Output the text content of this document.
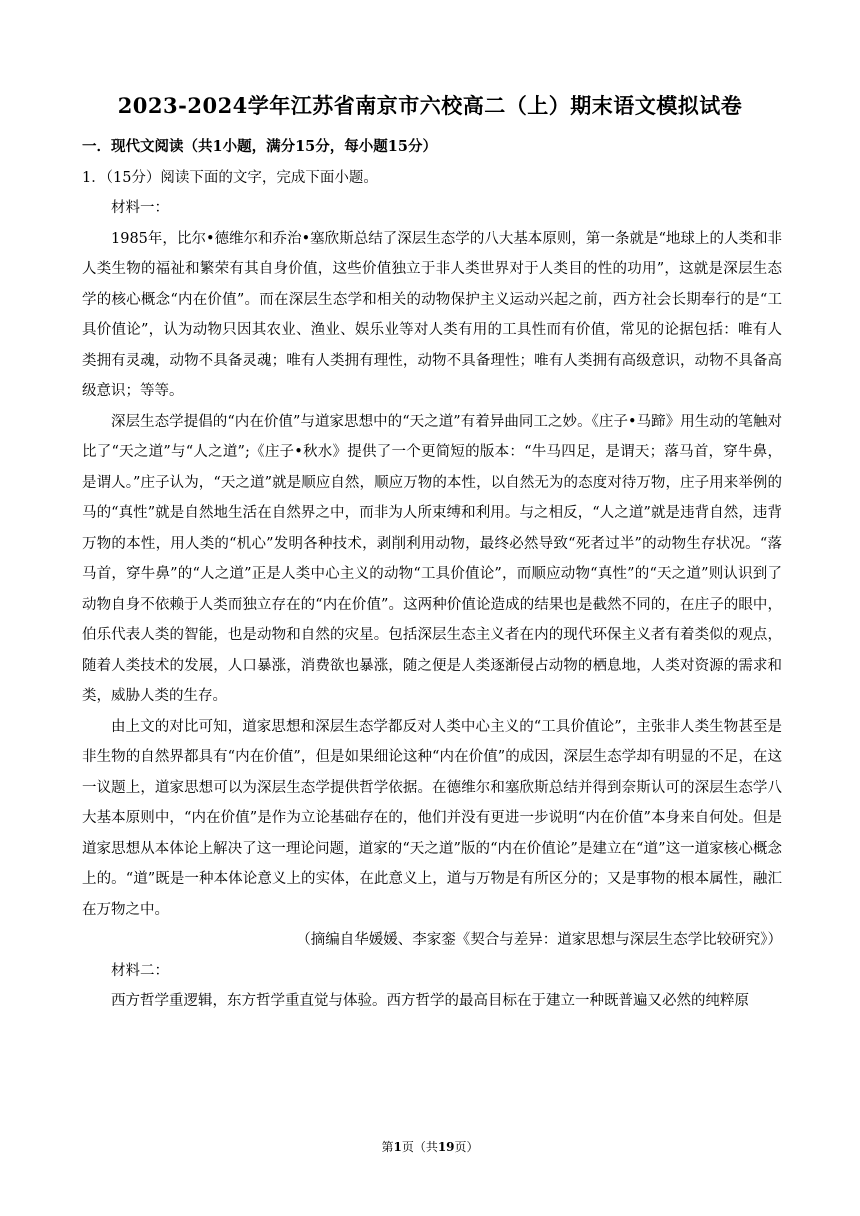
2023-2024学年江苏省南京市六校高二（上）期末语文模拟试卷

一．现代文阅读（共1小题，满分15分，每小题15分）

1．（15分）阅读下面的文字，完成下面小题。

材料一：

1985年，比尔•德维尔和乔治•塞欣斯总结了深层生态学的八大基本原则，第一条就是“地球上的人类和非人类生物的福祉和繁荣有其自身价值，这些价值独立于非人类世界对于人类目的性的功用”，这就是深层生态学的核心概念“内在价值”。而在深层生态学和相关的动物保护主义运动兴起之前，西方社会长期奉行的是“工具价值论”，认为动物只因其农业、渔业、娱乐业等对人类有用的工具性而有价值，常见的论据包括：唯有人类拥有灵魂，动物不具备灵魂；唯有人类拥有理性，动物不具备理性；唯有人类拥有高级意识，动物不具备高级意识；等等。

深层生态学提倡的“内在价值”与道家思想中的“天之道”有着异曲同工之妙。《庄子•马蹄》用生动的笔触对比了“天之道”与“人之道”;《庄子•秋水》提供了一个更简短的版本：“牛马四足，是谓天；落马首，穿牛鼻，是谓人。”庄子认为，“天之道”就是顺应自然，顺应万物的本性，以自然无为的态度对待万物，庄子用来举例的马的“真性”就是自然地生活在自然界之中，而非为人所束缚和利用。与之相反，“人之道”就是违背自然，违背万物的本性，用人类的“机心”发明各种技术，剥削利用动物，最终必然导致“死者过半”的动物生存状况。“落马首，穿牛鼻”的“人之道”正是人类中心主义的动物“工具价值论”，而顺应动物“真性”的“天之道”则认识到了动物自身不依赖于人类而独立存在的“内在价值”。这两种价值论造成的结果也是截然不同的，在庄子的眼中，伯乐代表人类的智能，也是动物和自然的灾星。包括深层生态主义者在内的现代环保主义者有着类似的观点，随着人类技术的发展，人口暴涨，消费欲也暴涨，随之便是人类逐渐侵占动物的栖息地，人类对资源的需求和类，威胁人类的生存。

由上文的对比可知，道家思想和深层生态学都反对人类中心主义的“工具价值论”，主张非人类生物甚至是非生物的自然界都具有“内在价值”，但是如果细论这种“内在价值”的成因，深层生态学却有明显的不足，在这一议题上，道家思想可以为深层生态学提供哲学依据。在德维尔和塞欣斯总结并得到奈斯认可的深层生态学八大基本原则中，“内在价值”是作为立论基础存在的，他们并没有更进一步说明“内在价值”本身来自何处。但是道家思想从本体论上解决了这一理论问题，道家的“天之道”版的“内在价值论”是建立在“道”这一道家核心概念上的。“道”既是一种本体论意义上的实体，在此意义上，道与万物是有所区分的；又是事物的根本属性，融汇在万物之中。

（摘编自华媛媛、李家銮《契合与差异：道家思想与深层生态学比较研究》）

材料二：

西方哲学重逻辑，东方哲学重直觉与体验。西方哲学的最高目标在于建立一种既普遍又必然的纯粹原

第1页（共19页）
